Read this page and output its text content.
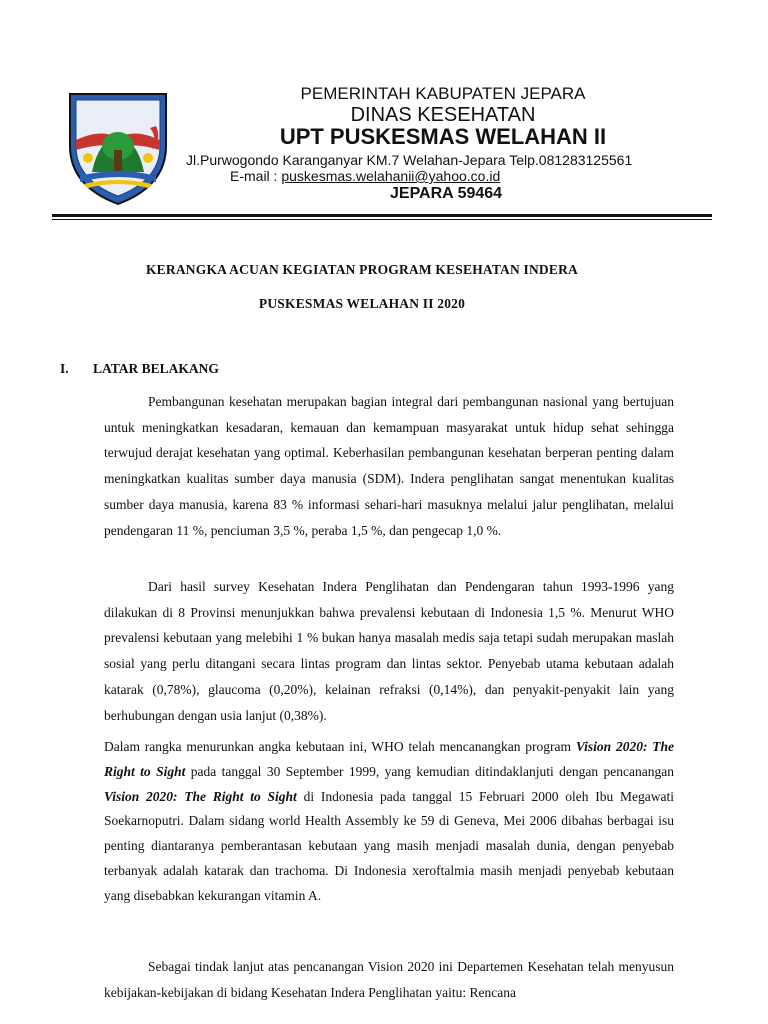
PEMERINTAH KABUPATEN JEPARA
DINAS KESEHATAN
UPT PUSKESMAS WELAHAN II
Jl.Purwogondo Karanganyar KM.7 Welahan-Jepara Telp.081283125561
E-mail : puskesmas.welahanii@yahoo.co.id
JEPARA 59464
KERANGKA ACUAN KEGIATAN PROGRAM KESEHATAN INDERA
PUSKESMAS WELAHAN II 2020
I. LATAR BELAKANG
Pembangunan kesehatan merupakan bagian integral dari pembangunan nasional yang bertujuan untuk meningkatkan kesadaran, kemauan dan kemampuan masyarakat untuk hidup sehat sehingga terwujud derajat kesehatan yang optimal. Keberhasilan pembangunan kesehatan berperan penting dalam meningkatkan kualitas sumber daya manusia (SDM). Indera penglihatan sangat menentukan kualitas sumber daya manusia, karena 83 % informasi sehari-hari masuknya melalui jalur penglihatan, melalui pendengaran 11 %, penciuman 3,5 %, peraba 1,5 %, dan pengecap 1,0 %.
Dari hasil survey Kesehatan Indera Penglihatan dan Pendengaran tahun 1993-1996 yang dilakukan di 8 Provinsi menunjukkan bahwa prevalensi kebutaan di Indonesia 1,5 %. Menurut WHO prevalensi kebutaan yang melebihi 1 % bukan hanya masalah medis saja tetapi sudah merupakan maslah sosial yang perlu ditangani secara lintas program dan lintas sektor. Penyebab utama kebutaan adalah katarak (0,78%), glaucoma (0,20%), kelainan refraksi (0,14%), dan penyakit-penyakit lain yang berhubungan dengan usia lanjut (0,38%).
Dalam rangka menurunkan angka kebutaan ini, WHO telah mencanangkan program Vision 2020: The Right to Sight pada tanggal 30 September 1999, yang kemudian ditindaklanjuti dengan pencanangan Vision 2020: The Right to Sight di Indonesia pada tanggal 15 Februari 2000 oleh Ibu Megawati Soekarnoputri. Dalam sidang world Health Assembly ke 59 di Geneva, Mei 2006 dibahas berbagai isu penting diantaranya pemberantasan kebutaan yang masih menjadi masalah dunia, dengan penyebab terbanyak adalah katarak dan trachoma. Di Indonesia xeroftalmia masih menjadi penyebab kebutaan yang disebabkan kekurangan vitamin A.
Sebagai tindak lanjut atas pencanangan Vision 2020 ini Departemen Kesehatan telah menyusun kebijakan-kebijakan di bidang Kesehatan Indera Penglihatan yaitu: Rencana
